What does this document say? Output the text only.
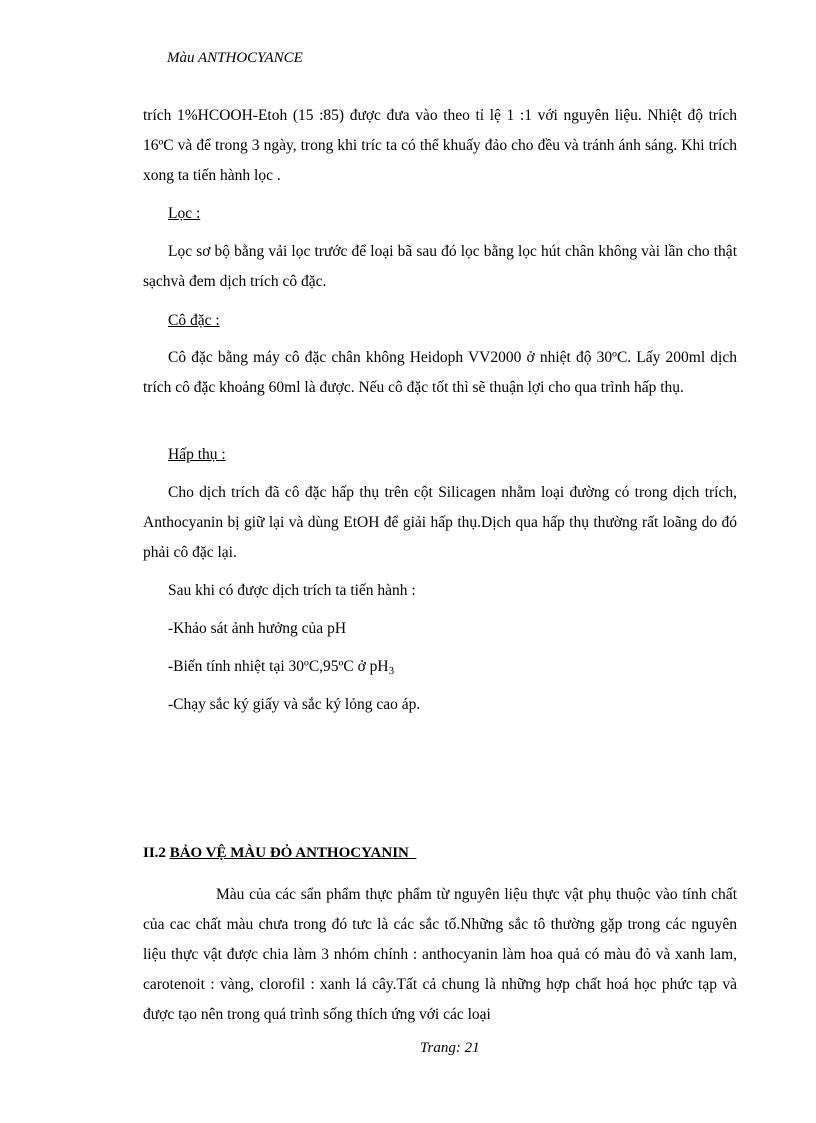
Màu ANTHOCYANCE

trích 1%HCOOH-Etoh (15 :85) được đưa vào theo tỉ lệ 1 :1 với nguyên liệu. Nhiệt độ trích 16ºC và để trong 3 ngày, trong khi tríc ta có thể khuấy đảo cho đều và tránh ánh sáng. Khi trích xong ta tiến hành lọc .

Lọc :

Lọc sơ bộ bằng vải lọc trước để loại bã sau đó lọc bằng lọc hút chân không vài lần cho thật sạchvà đem dịch trích cô đặc.

Cô đặc :

Cô đặc bằng máy cô đặc chân không Heidoph VV2000 ở nhiệt độ 30ºC. Lấy 200ml dịch trích cô đặc khoảng 60ml là được. Nếu cô đặc tốt thì sẽ thuận lợi cho qua trình hấp thụ.

Hấp thụ :

Cho dịch trích đã cô đặc hấp thụ trên cột Silicagen nhằm loại đường có trong dịch trích, Anthocyanin bị giữ lại và dùng EtOH để giải hấp thụ.Dịch qua hấp thụ thường rất loãng do đó phải cô đặc lại.

Sau khi có được dịch trích ta tiến hành :
-Khảo sát ảnh hưởng của pH
-Biến tính nhiệt tại 30ºC,95ºC ở $pH_3$
-Chạy sắc ký giấy và sắc ký lỏng cao áp.
II.2 BẢO VỆ MÀU ĐỎ ANTHOCYANIN

Màu của các sẩn phẩm thực phẩm từ nguyên liệu thực vật phụ thuộc vào tính chất của cac chất màu chưa trong đó tưc là các sắc tố.Những sắc tô thường gặp trong các nguyên liệu thực vật được chia làm 3 nhóm chính : anthocyanin làm hoa quả có màu đỏ và xanh lam, carotenoit : vàng, clorofil : xanh lá cây.Tất cả chung là những hợp chất hoá học phức tạp và được tạo nên trong quá trình sống thích ứng với các loại

Trang: 21
